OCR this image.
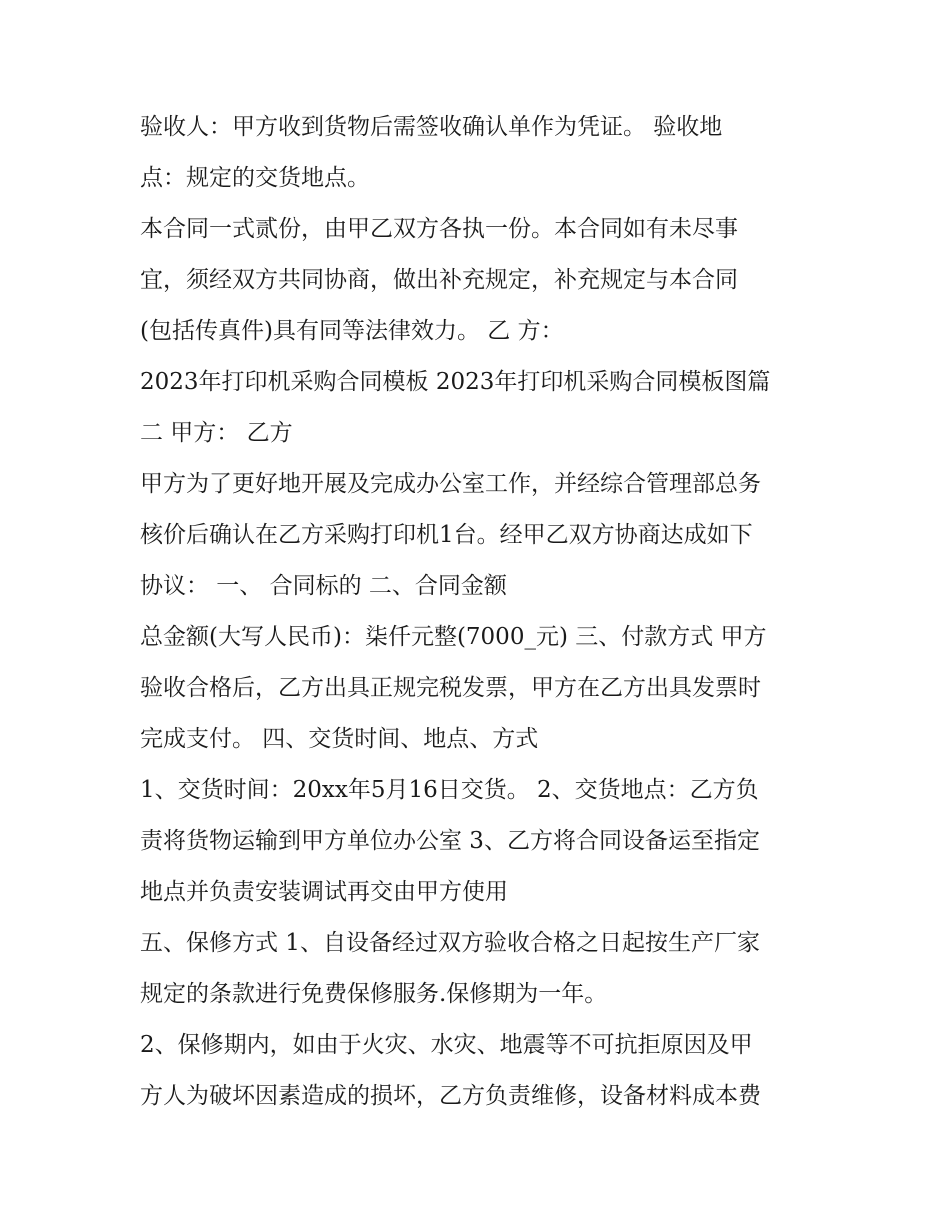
验收人：甲方收到货物后需签收确认单作为凭证。 验收地
点：规定的交货地点。
本合同一式贰份，由甲乙双方各执一份。本合同如有未尽事
宜，须经双方共同协商，做出补充规定，补充规定与本合同
(包括传真件)具有同等法律效力。 乙 方：
2023年打印机采购合同模板 2023年打印机采购合同模板图篇
二 甲方： 乙方
甲方为了更好地开展及完成办公室工作，并经综合管理部总务
核价后确认在乙方采购打印机1台。经甲乙双方协商达成如下
协议： 一、 合同标的 二、合同金额
总金额(大写人民币)：柒仟元整(7000_元) 三、付款方式 甲方
验收合格后，乙方出具正规完税发票，甲方在乙方出具发票时
完成支付。 四、交货时间、地点、方式
1、交货时间：20xx年5月16日交货。 2、交货地点：乙方负
责将货物运输到甲方单位办公室 3、乙方将合同设备运至指定
地点并负责安装调试再交由甲方使用
五、保修方式 1、自设备经过双方验收合格之日起按生产厂家
规定的条款进行免费保修服务.保修期为一年。
2、保修期内，如由于火灾、水灾、地震等不可抗拒原因及甲
方人为破坏因素造成的损坏，乙方负责维修，设备材料成本费
